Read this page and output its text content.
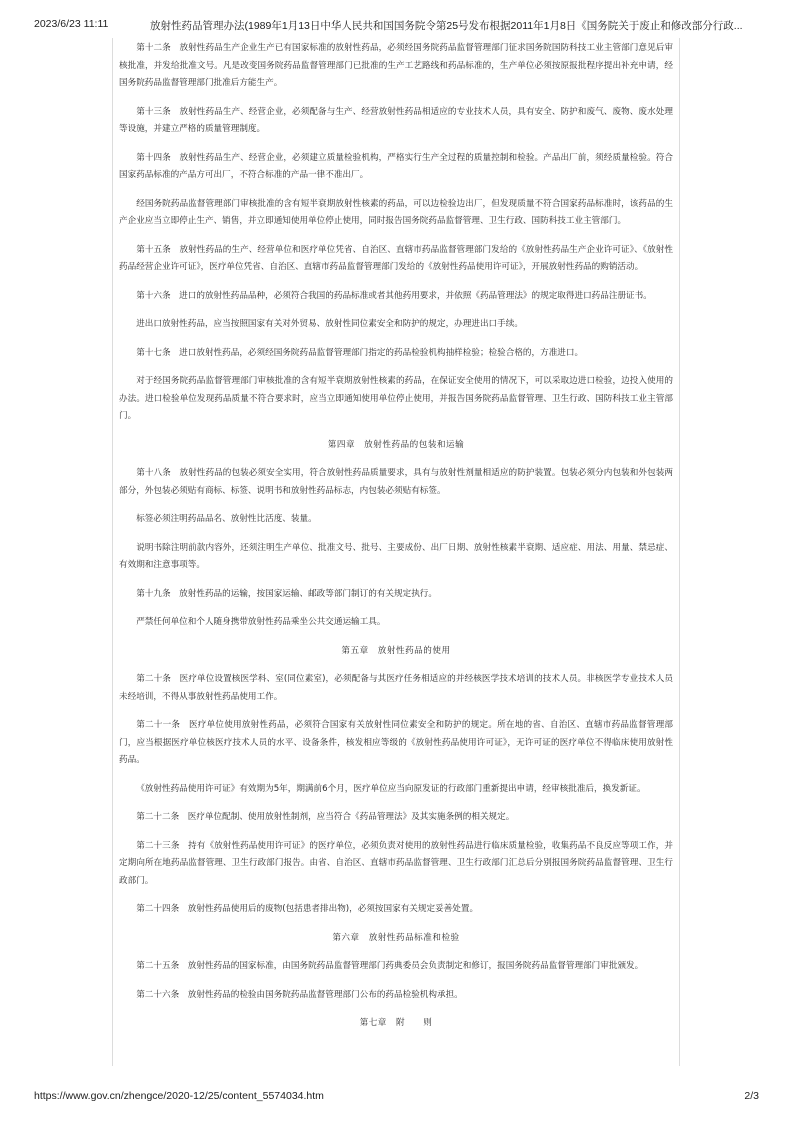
2023/6/23 11:11	放射性药品管理办法(1989年1月13日中华人民共和国国务院令第25号发布根据2011年1月8日《国务院关于废止和修改部分行政...
第十二条　放射性药品生产企业生产已有国家标准的放射性药品，必须经国务院药品监督管理部门征求国务院国防科技工业主管部门意见后审核批准，并发给批准文号。凡是改变国务院药品监督管理部门已批准的生产工艺路线和药品标准的，生产单位必须按原报批程序提出补充申请，经国务院药品监督管理部门批准后方能生产。
第十三条　放射性药品生产、经营企业，必须配备与生产、经营放射性药品相适应的专业技术人员，具有安全、防护和废气、废物、废水处理等设施，并建立严格的质量管理制度。
第十四条　放射性药品生产、经营企业，必须建立质量检验机构，严格实行生产全过程的质量控制和检验。产品出厂前，须经质量检验。符合国家药品标准的产品方可出厂，不符合标准的产品一律不准出厂。
经国务院药品监督管理部门审核批准的含有短半衰期放射性核素的药品，可以边检验边出厂，但发现质量不符合国家药品标准时，该药品的生产企业应当立即停止生产、销售，并立即通知使用单位停止使用，同时报告国务院药品监督管理、卫生行政、国防科技工业主管部门。
第十五条　放射性药品的生产、经营单位和医疗单位凭省、自治区、直辖市药品监督管理部门发给的《放射性药品生产企业许可证》、《放射性药品经营企业许可证》，医疗单位凭省、自治区、直辖市药品监督管理部门发给的《放射性药品使用许可证》，开展放射性药品的购销活动。
第十六条　进口的放射性药品品种，必须符合我国的药品标准或者其他药用要求，并依照《药品管理法》的规定取得进口药品注册证书。
进出口放射性药品，应当按照国家有关对外贸易、放射性同位素安全和防护的规定，办理进出口手续。
第十七条　进口放射性药品，必须经国务院药品监督管理部门指定的药品检验机构抽样检验；检验合格的，方准进口。
对于经国务院药品监督管理部门审核批准的含有短半衰期放射性核素的药品，在保证安全使用的情况下，可以采取边进口检验，边投入使用的办法。进口检验单位发现药品质量不符合要求时，应当立即通知使用单位停止使用，并报告国务院药品监督管理、卫生行政、国防科技工业主管部门。
第四章　放射性药品的包装和运输
第十八条　放射性药品的包装必须安全实用，符合放射性药品质量要求，具有与放射性剂量相适应的防护装置。包装必须分内包装和外包装两部分，外包装必须贴有商标、标签、说明书和放射性药品标志，内包装必须贴有标签。
标签必须注明药品品名、放射性比活度、装量。
说明书除注明前款内容外，还须注明生产单位、批准文号、批号、主要成份、出厂日期、放射性核素半衰期、适应症、用法、用量、禁忌症、有效期和注意事项等。
第十九条　放射性药品的运输，按国家运输、邮政等部门制订的有关规定执行。
严禁任何单位和个人随身携带放射性药品乘坐公共交通运输工具。
第五章　放射性药品的使用
第二十条　医疗单位设置核医学科、室(同位素室)，必须配备与其医疗任务相适应的并经核医学技术培训的技术人员。非核医学专业技术人员未经培训，不得从事放射性药品使用工作。
第二十一条　医疗单位使用放射性药品，必须符合国家有关放射性同位素安全和防护的规定。所在地的省、自治区、直辖市药品监督管理部门，应当根据医疗单位核医疗技术人员的水平、设备条件，核发相应等级的《放射性药品使用许可证》，无许可证的医疗单位不得临床使用放射性药品。
《放射性药品使用许可证》有效期为5年，期满前6个月，医疗单位应当向原发证的行政部门重新提出申请，经审核批准后，换发新证。
第二十二条　医疗单位配制、使用放射性制剂，应当符合《药品管理法》及其实施条例的相关规定。
第二十三条　持有《放射性药品使用许可证》的医疗单位，必须负责对使用的放射性药品进行临床质量检验，收集药品不良反应等项工作，并定期向所在地药品监督管理、卫生行政部门报告。由省、自治区、直辖市药品监督管理、卫生行政部门汇总后分别报国务院药品监督管理、卫生行政部门。
第二十四条　放射性药品使用后的废物(包括患者排出物)，必须按国家有关规定妥善处置。
第六章　放射性药品标准和检验
第二十五条　放射性药品的国家标准，由国务院药品监督管理部门药典委员会负责制定和修订，报国务院药品监督管理部门审批颁发。
第二十六条　放射性药品的检验由国务院药品监督管理部门公布的药品检验机构承担。
第七章　附　　则
https://www.gov.cn/zhengce/2020-12/25/content_5574034.htm	2/3
